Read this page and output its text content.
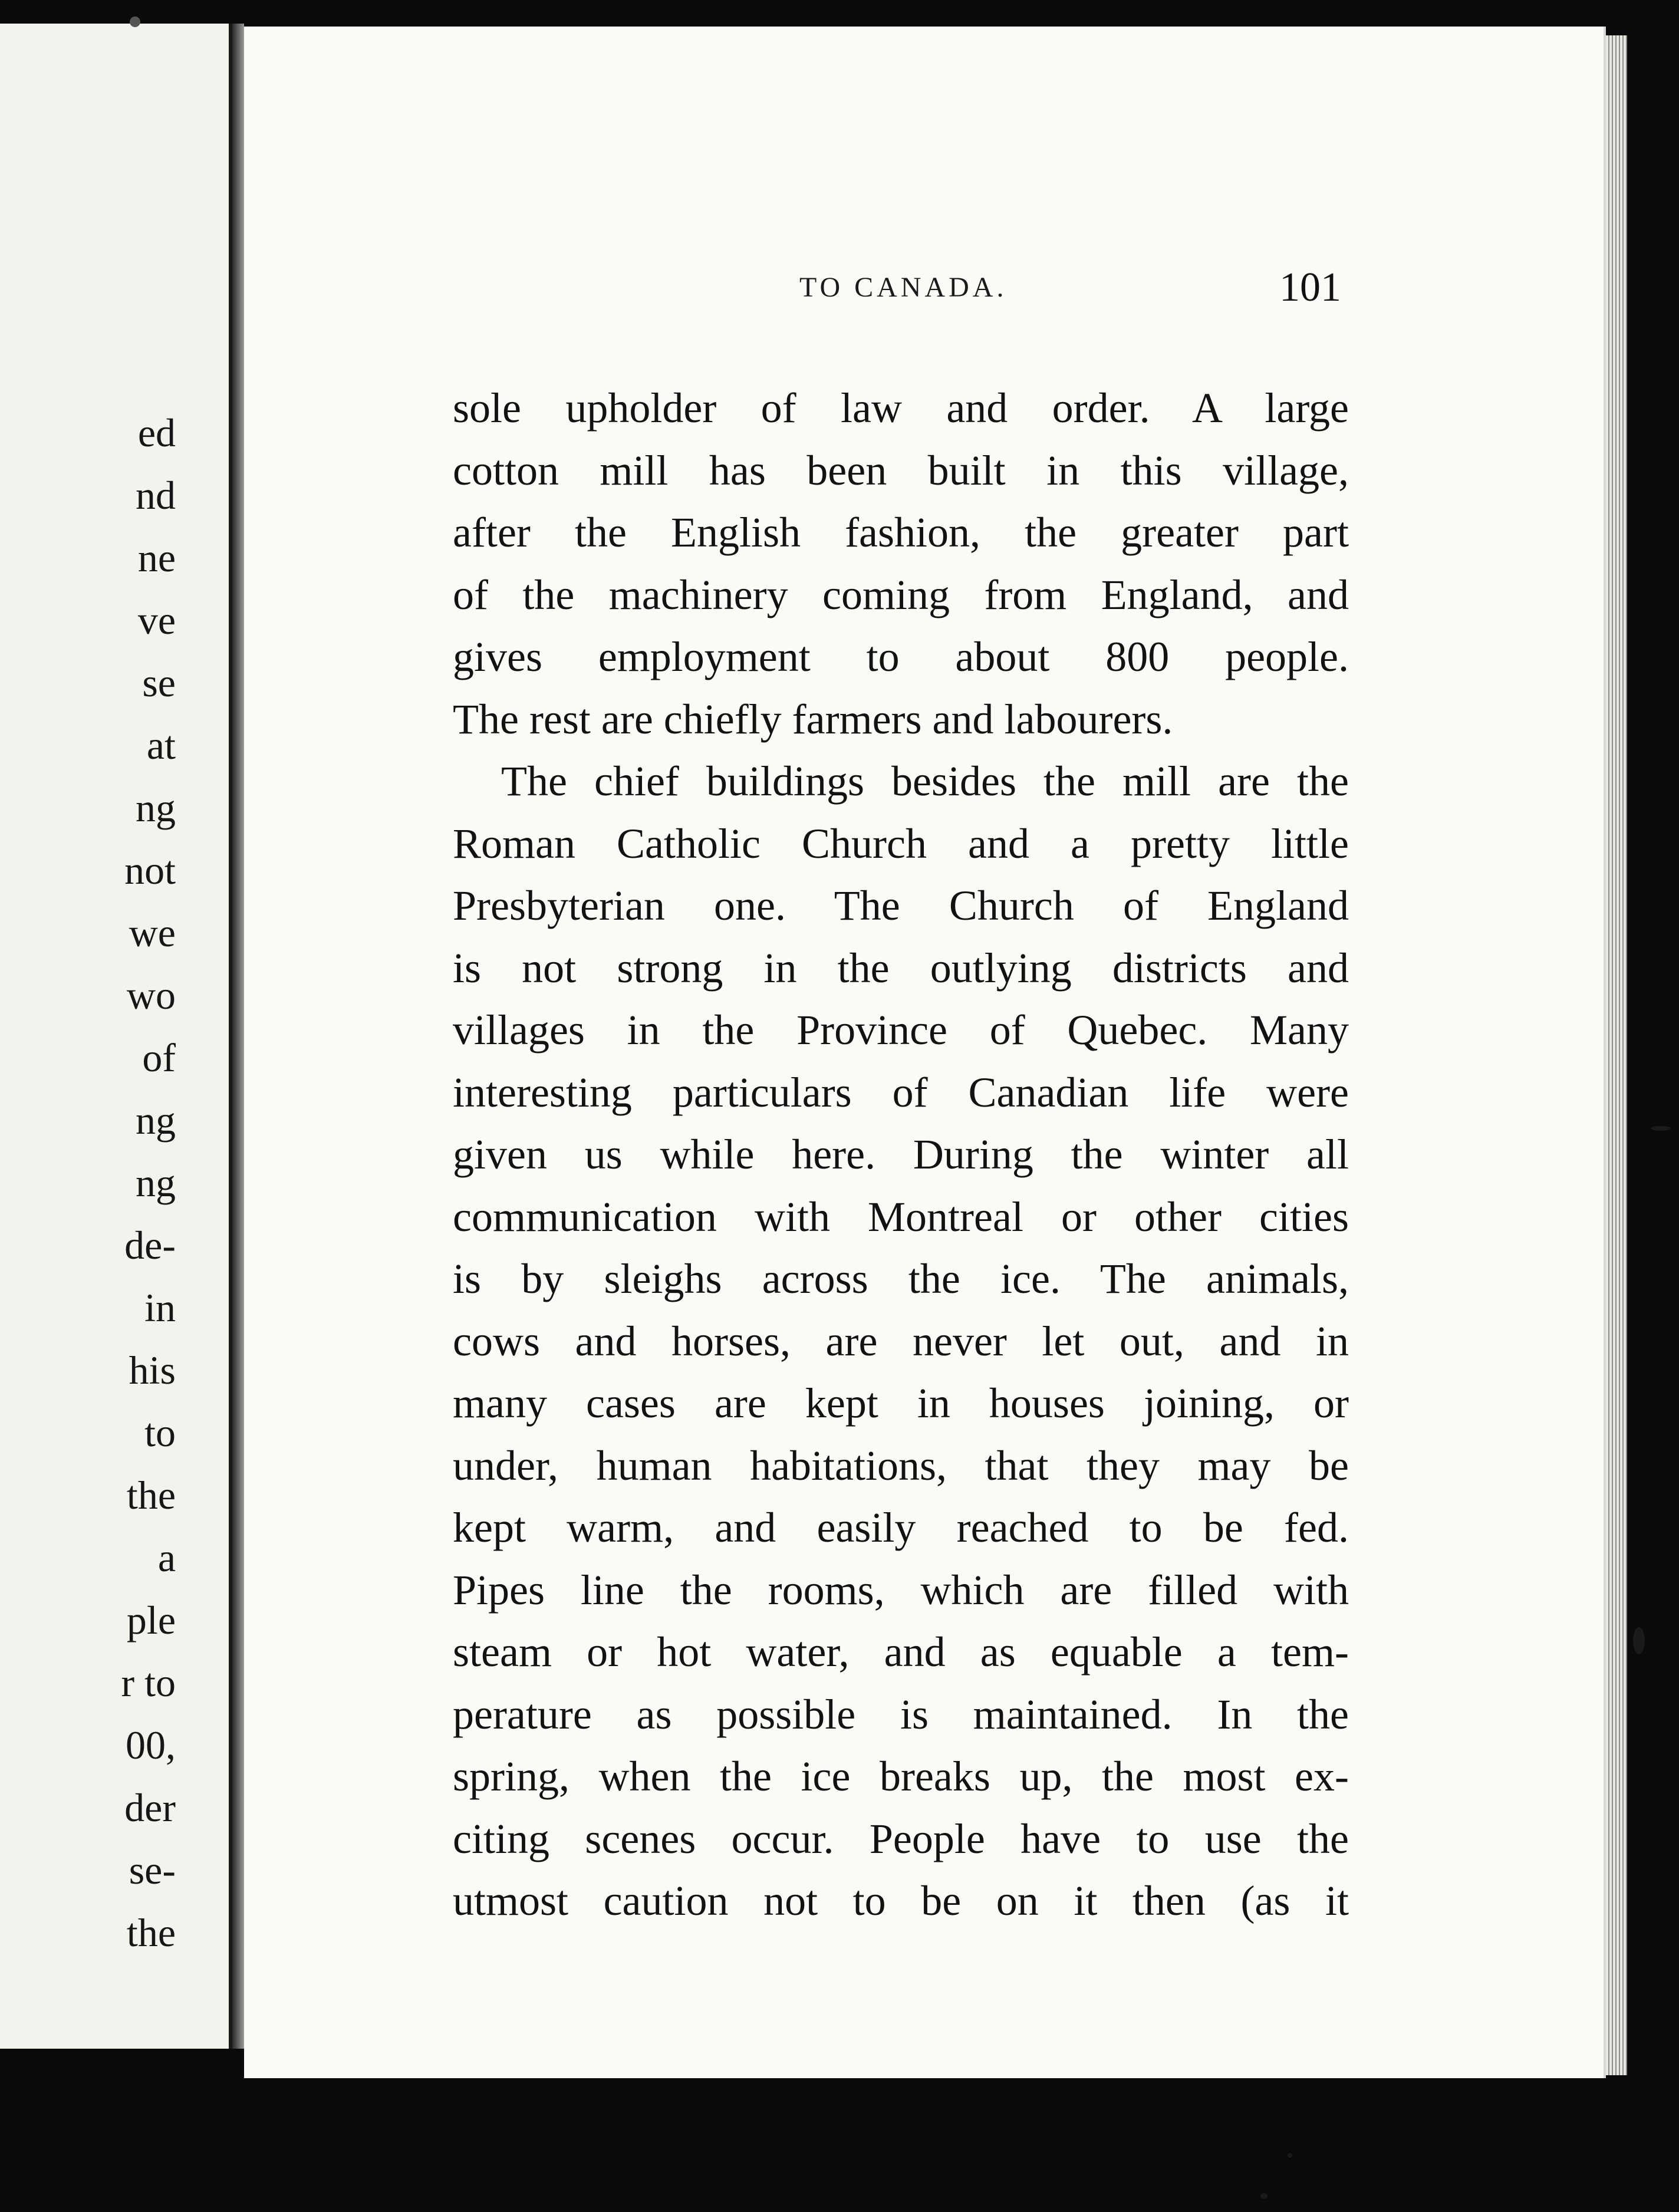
ed
nd
ne
ve
se
at
ng
not
we
wo
of
ng
ng
de-
in
his
to
the
a
ple
r to
00,
der
se-
the
TO CANADA.	101
sole upholder of law and order. A large
cotton mill has been built in this village,
after the English fashion, the greater part
of the machinery coming from England, and
gives employment to about 800 people.
The rest are chiefly farmers and labourers.
The chief buildings besides the mill are the
Roman Catholic Church and a pretty little
Presbyterian one. The Church of England
is not strong in the outlying districts and
villages in the Province of Quebec. Many
interesting particulars of Canadian life were
given us while here. During the winter all
communication with Montreal or other cities
is by sleighs across the ice. The animals,
cows and horses, are never let out, and in
many cases are kept in houses joining, or
under, human habitations, that they may be
kept warm, and easily reached to be fed.
Pipes line the rooms, which are filled with
steam or hot water, and as equable a tem-
perature as possible is maintained. In the
spring, when the ice breaks up, the most ex-
citing scenes occur. People have to use the
utmost caution not to be on it then (as it
